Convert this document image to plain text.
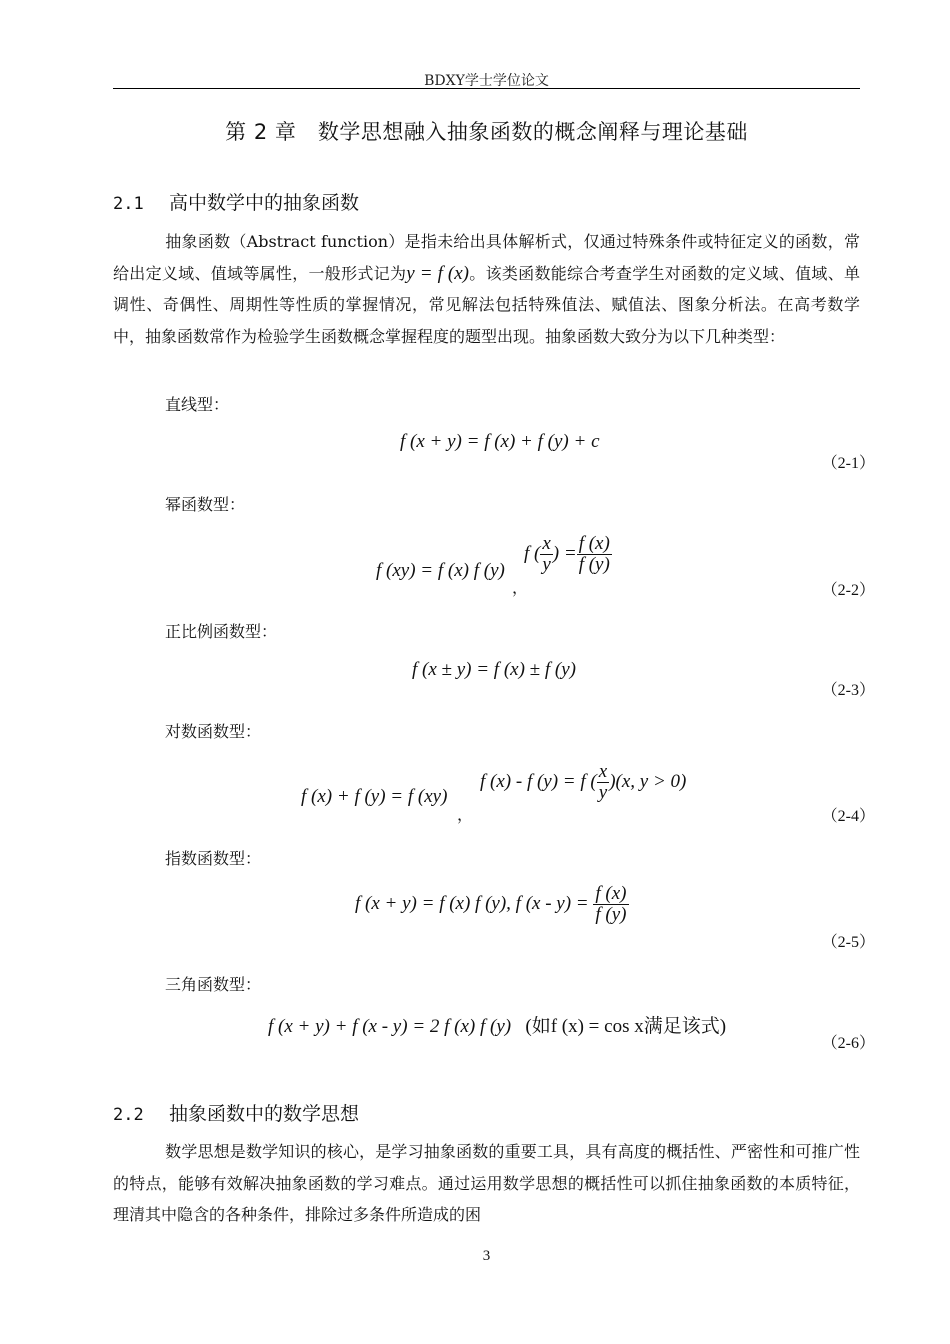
BDXY学士学位论文
第 2 章　数学思想融入抽象函数的概念阐释与理论基础
2.1 高中数学中的抽象函数
抽象函数（Abstract function）是指未给出具体解析式，仅通过特殊条件或特征定义的函数，常给出定义域、值域等属性，一般形式记为y = f (x)。该类函数能综合考查学生对函数的定义域、值域、单调性、奇偶性、周期性等性质的掌握情况，常见解法包括特殊值法、赋值法、图象分析法。在高考数学中，抽象函数常作为检验学生函数概念掌握程度的题型出现。抽象函数大致分为以下几种类型：
直线型：
f (x + y) = f (x) + f (y) + c
（2-1）
幂函数型：
f (xy) = f (x) f (y)
，
f ( $\frac{x}{y}$ ) = $\frac{f (x)}{f (y)}$
（2-2）
正比例函数型：
f (x ± y) = f (x) ± f (y)
（2-3）
对数函数型：
f (x) + f (y) = f (xy)
，
f (x) - f (y) = f ( $\frac{x}{y} )(x$, y > 0)
（2-4）
指数函数型：
f (x + y) = f (x) f (y), f $(x - y) = \frac{f (x)}{f (y)}$
（2-5）
三角函数型：
f (x + y) + f (x - y) = 2 f (x) f (y) (如f (x) = cos x满足该式)
（2-6）
2.2 抽象函数中的数学思想
数学思想是数学知识的核心，是学习抽象函数的重要工具，具有高度的概括性、严密性和可推广性的特点，能够有效解决抽象函数的学习难点。通过运用数学思想的概括性可以抓住抽象函数的本质特征，理清其中隐含的各种条件，排除过多条件所造成的困
3
